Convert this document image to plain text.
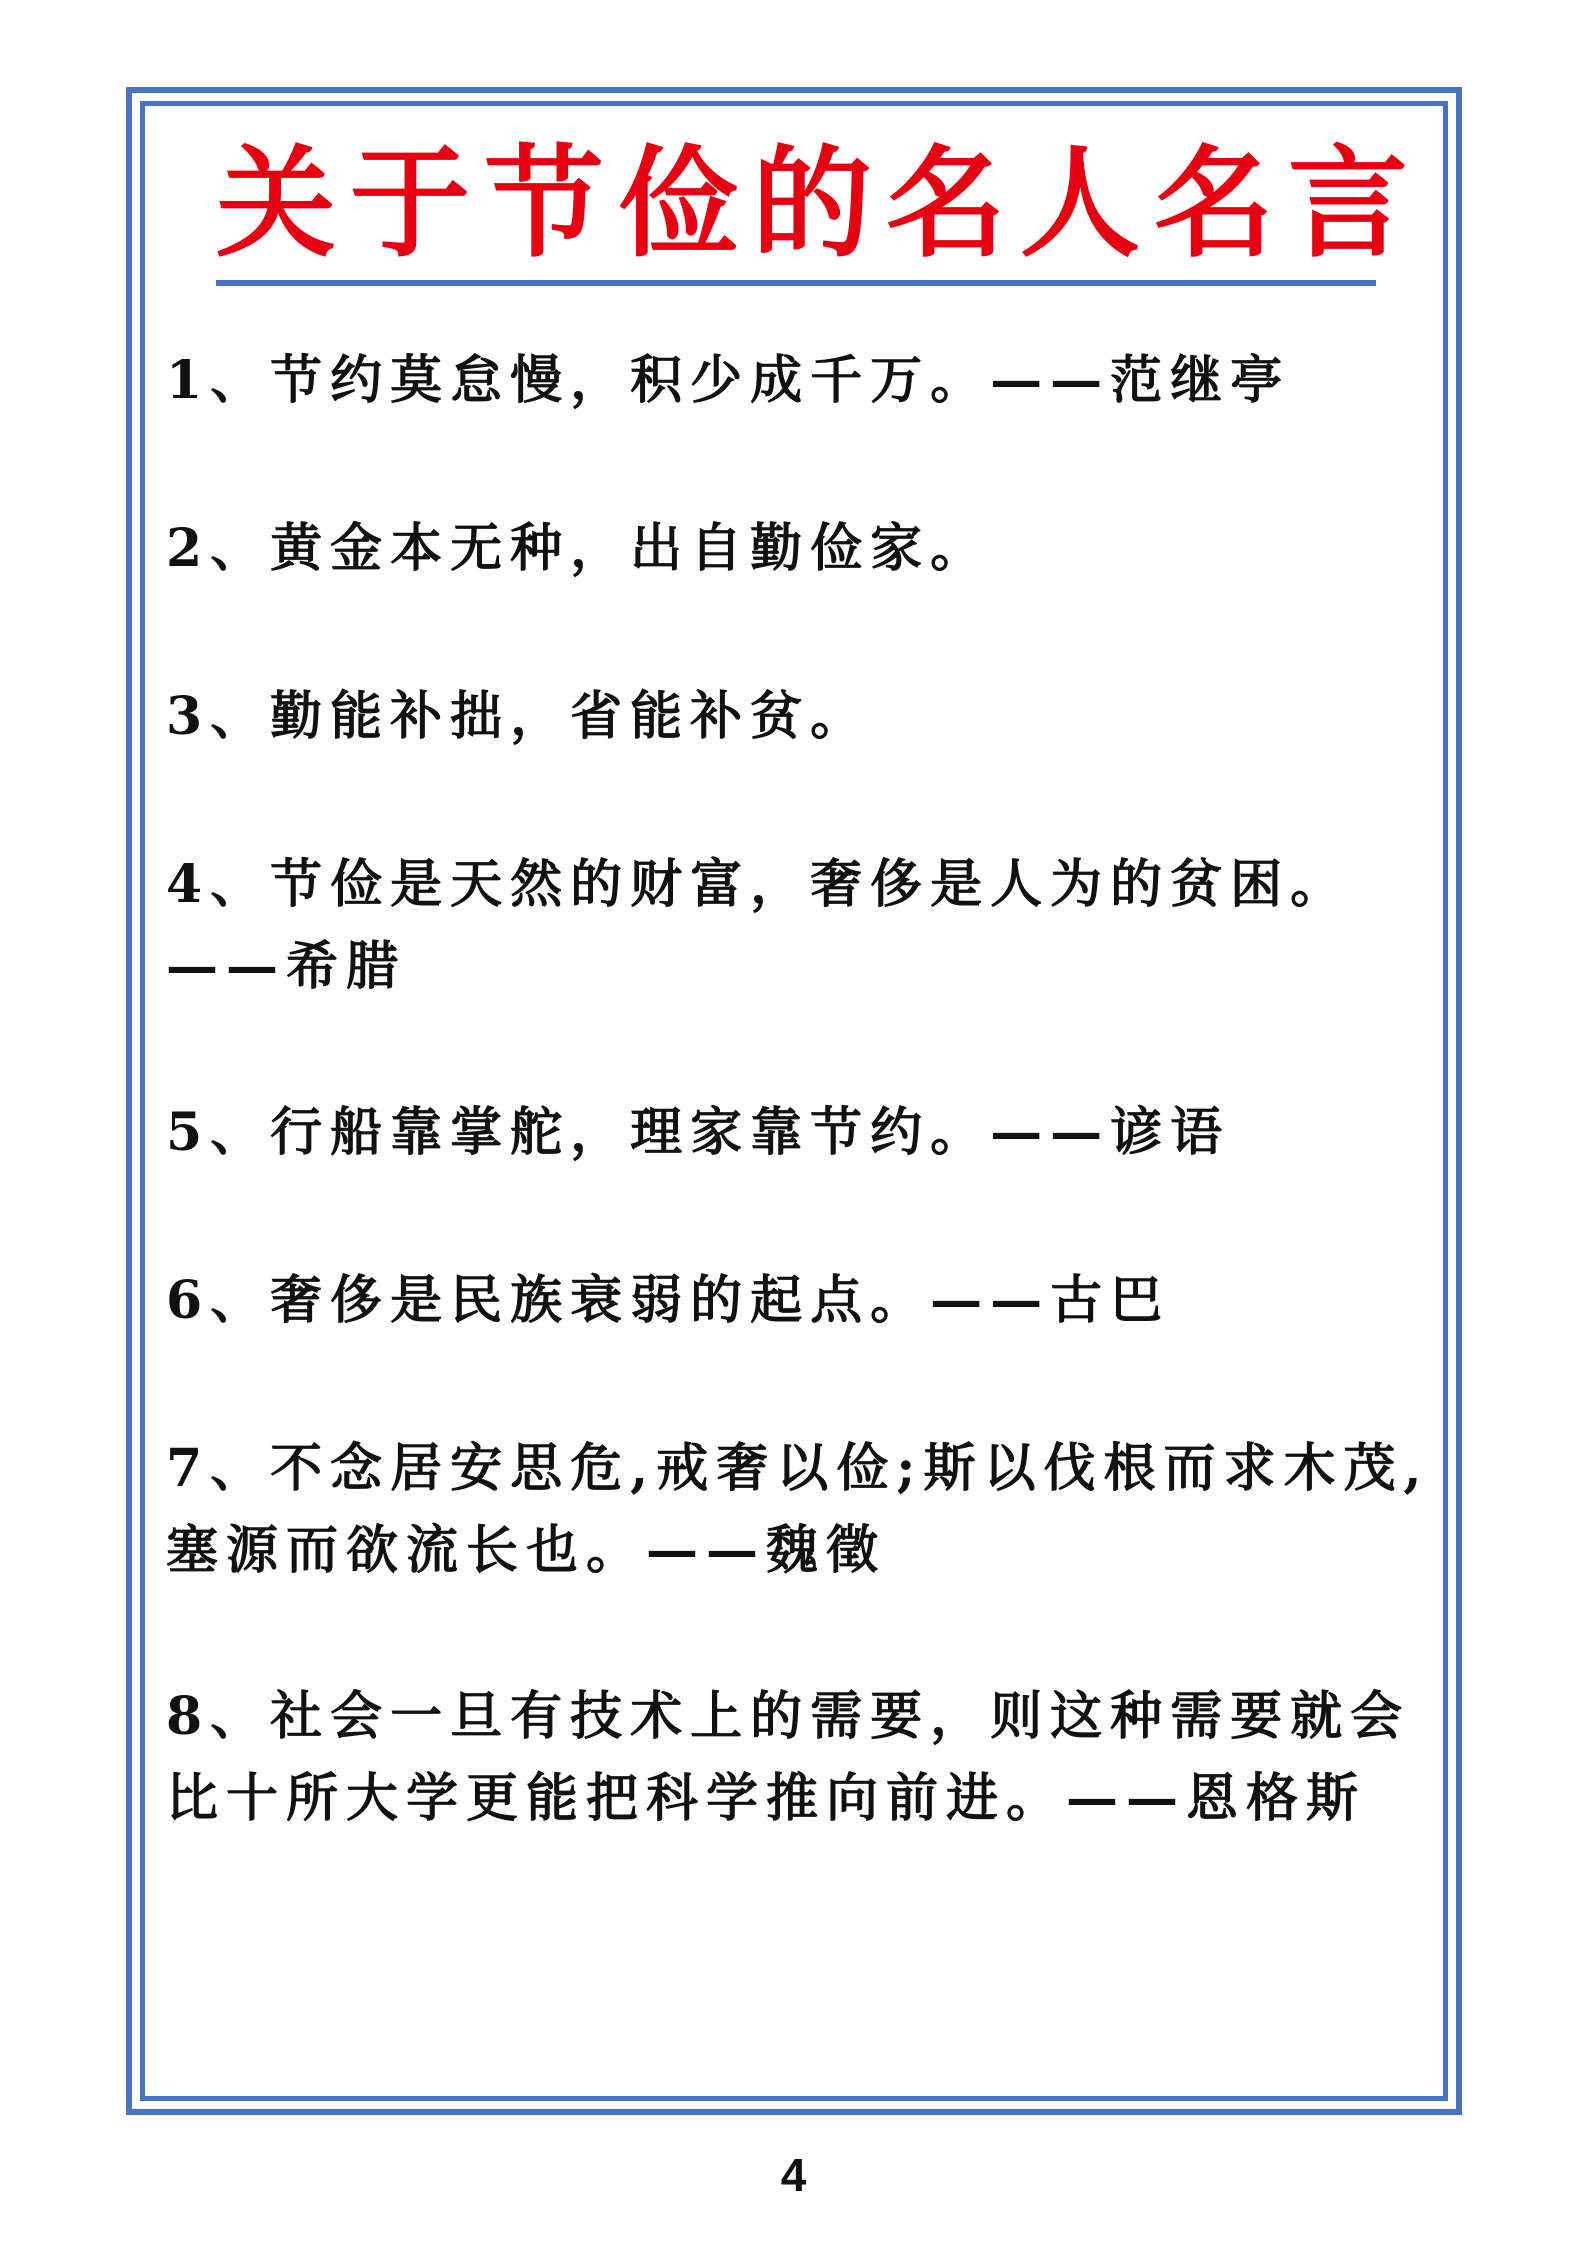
关于节俭的名人名言
1、节约莫怠慢，积少成千万。——范继亭
2、黄金本无种，出自勤俭家。
3、勤能补拙，省能补贫。
4、节俭是天然的财富，奢侈是人为的贫困。——希腊
5、行船靠掌舵，理家靠节约。——谚语
6、奢侈是民族衰弱的起点。——古巴
7、不念居安思危,戒奢以俭;斯以伐根而求木茂,塞源而欲流长也。——魏徵
8、社会一旦有技术上的需要，则这种需要就会比十所大学更能把科学推向前进。——恩格斯
4
